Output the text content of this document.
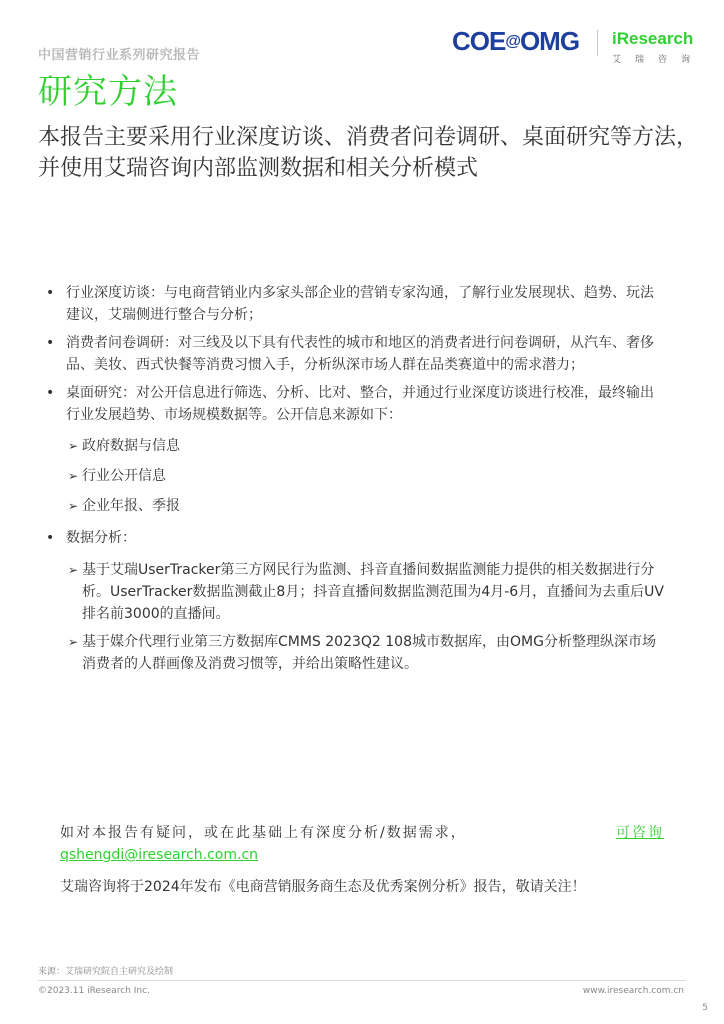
中国营销行业系列研究报告
研究方法
COE@OMG iResearch
艾瑞咨询
本报告主要采用行业深度访谈、消费者问卷调研、桌面研究等方法，并使用艾瑞咨询内部监测数据和相关分析模式
• 行业深度访谈：与电商营销业内多家头部企业的营销专家沟通，了解行业发展现状、趋势、玩法建议，艾瑞侧进行整合与分析；
• 消费者问卷调研：对三线及以下具有代表性的城市和地区的消费者进行问卷调研，从汽车、奢侈品、美妆、西式快餐等消费习惯入手，分析纵深市场人群在品类赛道中的需求潜力；
• 桌面研究：对公开信息进行筛选、分析、比对、整合，并通过行业深度访谈进行校准，最终输出行业发展趋势、市场规模数据等。公开信息来源如下：
➢ 政府数据与信息
➢ 行业公开信息
➢ 企业年报、季报
• 数据分析：
➢ 基于艾瑞UserTracker第三方网民行为监测、抖音直播间数据监测能力提供的相关数据进行分析。UserTracker数据监测截止8月；抖音直播间数据监测范围为4月-6月，直播间为去重后UV排名前3000的直播间。
➢ 基于媒介代理行业第三方数据库CMMS 2023Q2 108城市数据库，由OMG分析整理纵深市场消费者的人群画像及消费习惯等，并给出策略性建议。
如对本报告有疑问，或在此基础上有深度分析/数据需求，	可咨询
qshengdi@iresearch.com.cn
艾瑞咨询将于2024年发布《电商营销服务商生态及优秀案例分析》报告，敬请关注！
来源：艾瑞研究院自主研究及绘制
©2023.11 iResearch Inc.	www.iresearch.com.cn
5
